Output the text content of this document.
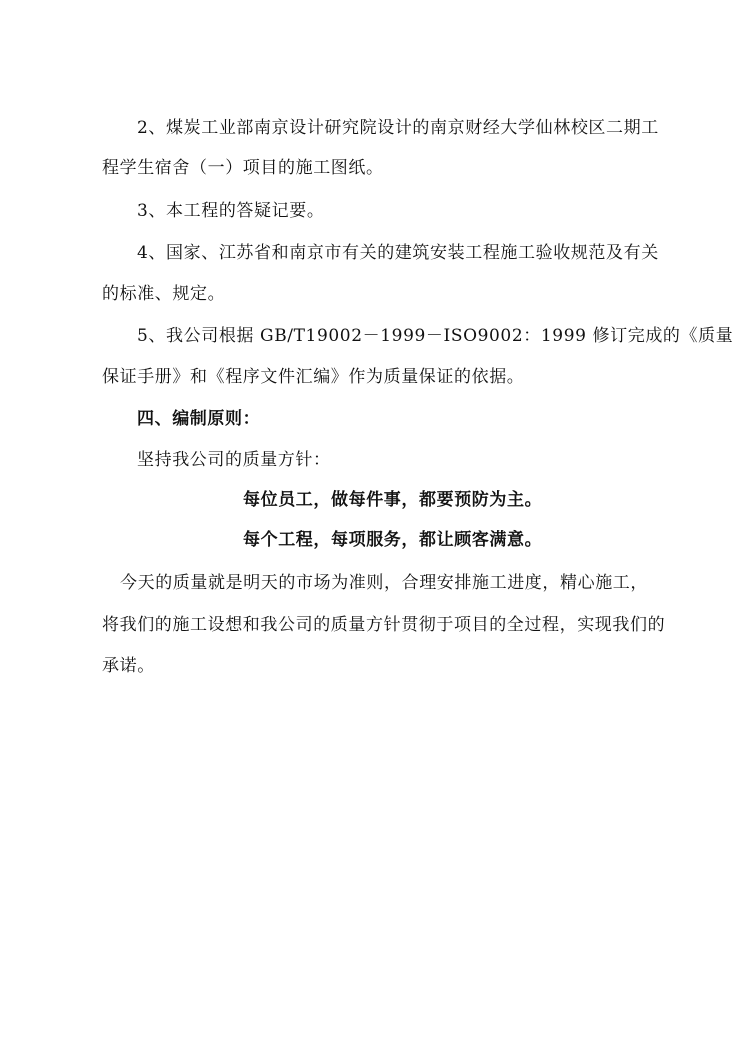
2、煤炭工业部南京设计研究院设计的南京财经大学仙林校区二期工
程学生宿舍（一）项目的施工图纸。
3、本工程的答疑记要。
4、国家、江苏省和南京市有关的建筑安装工程施工验收规范及有关
的标准、规定。
5、我公司根据 GB/T19002－1999－ISO9002：1999 修订完成的《质量
保证手册》和《程序文件汇编》作为质量保证的依据。
四、编制原则：
坚持我公司的质量方针：
每位员工，做每件事，都要预防为主。
每个工程，每项服务，都让顾客满意。
今天的质量就是明天的市场为准则，合理安排施工进度，精心施工，
将我们的施工设想和我公司的质量方针贯彻于项目的全过程，实现我们的
承诺。
